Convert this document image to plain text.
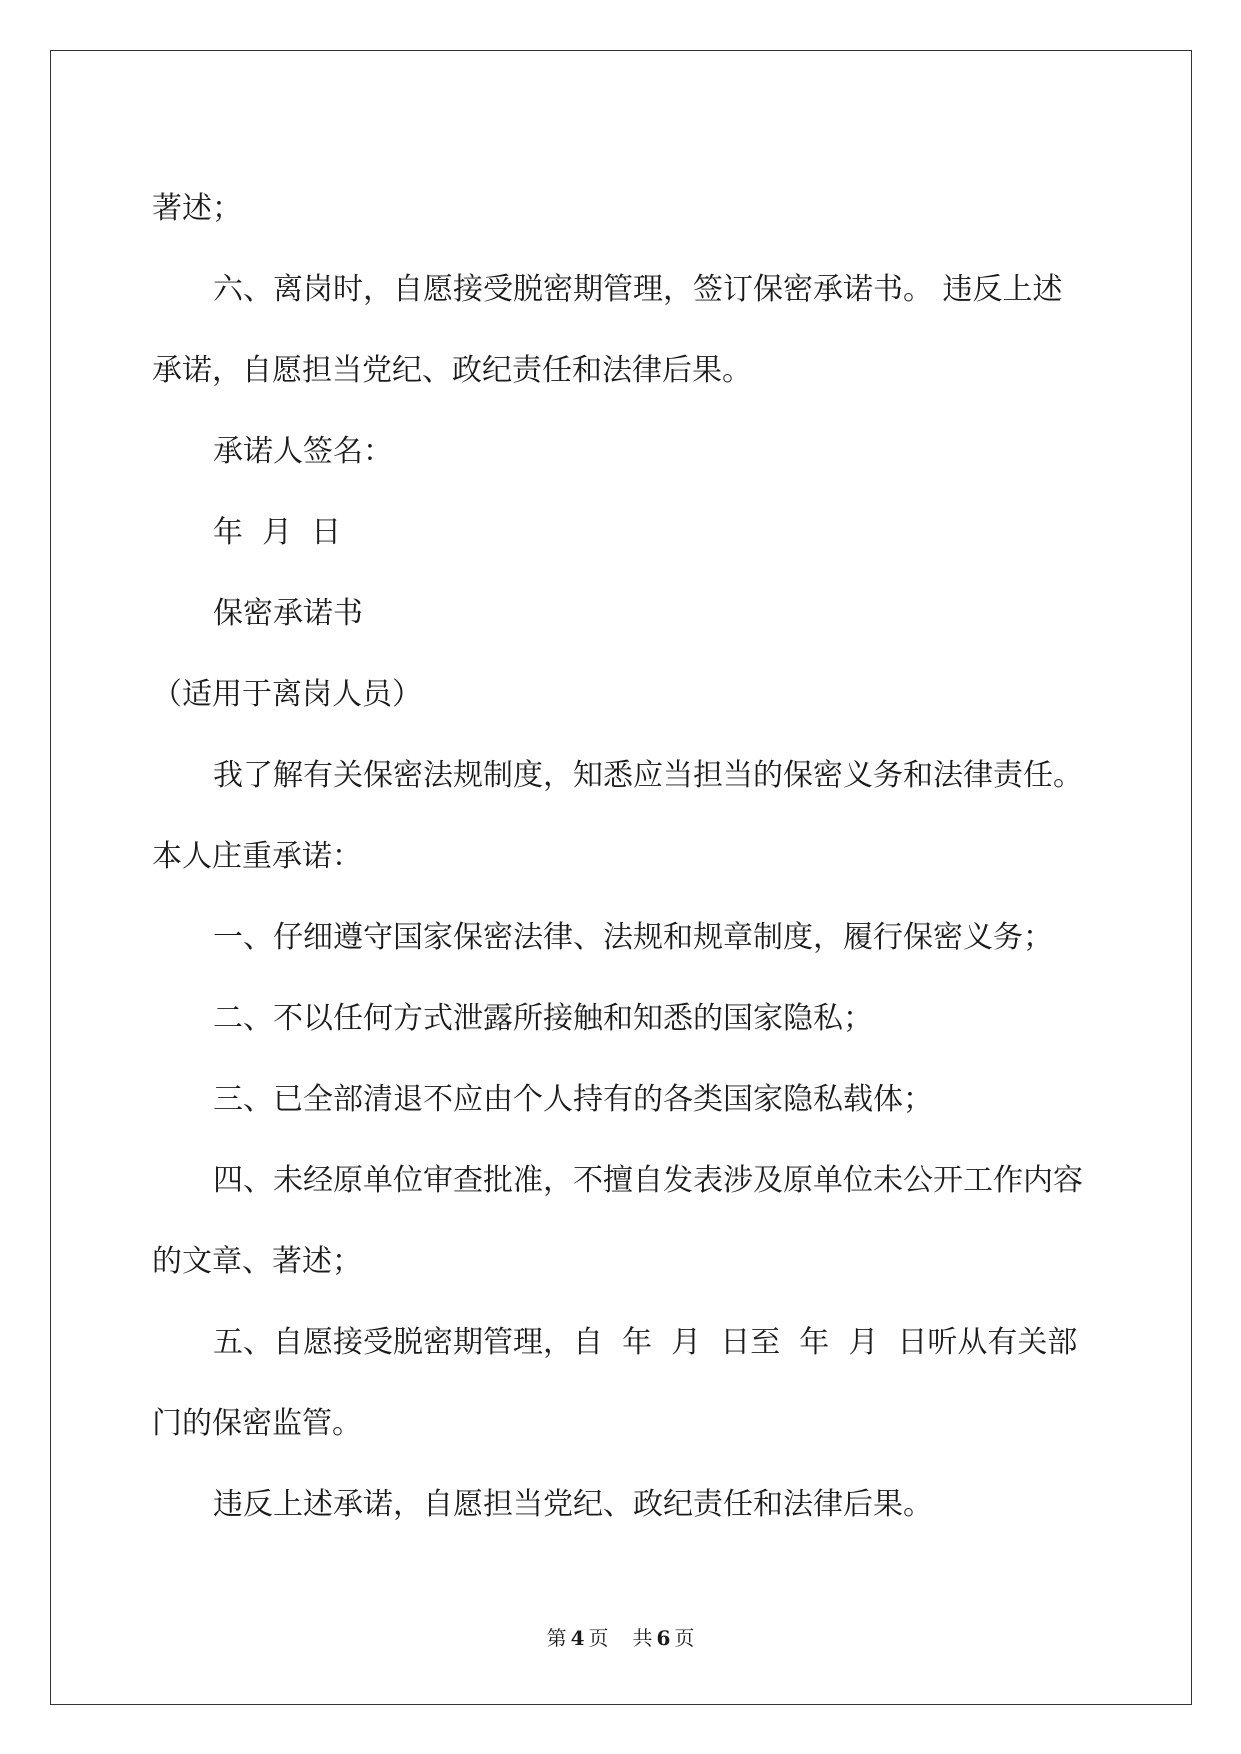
著述；

六、离岗时，自愿接受脱密期管理，签订保密承诺书。 违反上述承诺，自愿担当党纪、政纪责任和法律后果。

承诺人签名：

年  月  日

保密承诺书

（适用于离岗人员）

我了解有关保密法规制度，知悉应当担当的保密义务和法律责任。本人庄重承诺：

一、仔细遵守国家保密法律、法规和规章制度，履行保密义务；

二、不以任何方式泄露所接触和知悉的国家隐私；

三、已全部清退不应由个人持有的各类国家隐私载体；

四、未经原单位审查批准，不擅自发表涉及原单位未公开工作内容的文章、著述；

五、自愿接受脱密期管理，自  年  月  日至  年  月  日听从有关部门的保密监管。

违反上述承诺，自愿担当党纪、政纪责任和法律后果。

第 4 页 共 6 页
